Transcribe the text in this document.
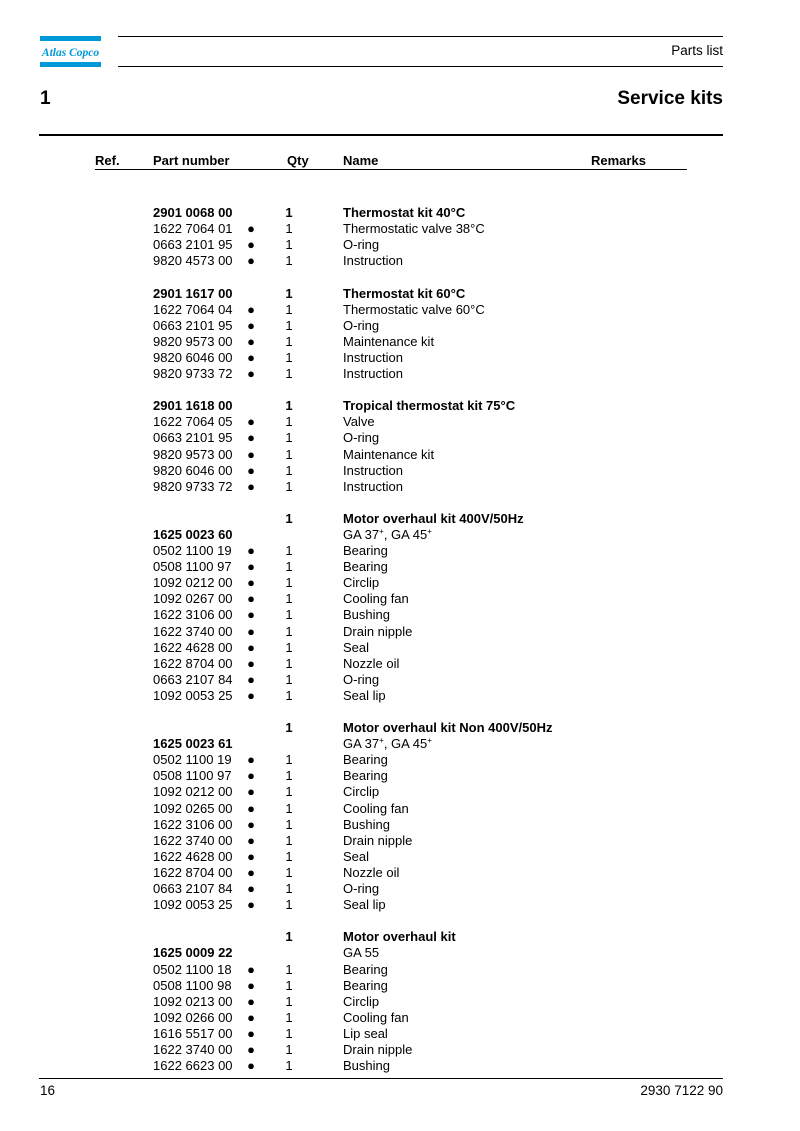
Atlas Copco	Parts list
1	Service kits
Ref.	Part number	Qty	Name	Remarks
2901 0068 00	1	Thermostat kit 40°C
1622 7064 01 ● 1	Thermostatic valve 38°C
0663 2101 95 ● 1	O-ring
9820 4573 00 ● 1	Instruction
2901 1617 00	1	Thermostat kit 60°C
1622 7064 04 ● 1	Thermostatic valve 60°C
0663 2101 95 ● 1	O-ring
9820 9573 00 ● 1	Maintenance kit
9820 6046 00 ● 1	Instruction
9820 9733 72 ● 1	Instruction
2901 1618 00	1	Tropical thermostat kit 75°C
1622 7064 05 ● 1	Valve
0663 2101 95 ● 1	O-ring
9820 9573 00 ● 1	Maintenance kit
9820 6046 00 ● 1	Instruction
9820 9733 72 ● 1	Instruction
1	Motor overhaul kit 400V/50Hz
1625 0023 60	GA 37+, GA 45+
0502 1100 19 ● 1	Bearing
0508 1100 97 ● 1	Bearing
1092 0212 00 ● 1	Circlip
1092 0267 00 ● 1	Cooling fan
1622 3106 00 ● 1	Bushing
1622 3740 00 ● 1	Drain nipple
1622 4628 00 ● 1	Seal
1622 8704 00 ● 1	Nozzle oil
0663 2107 84 ● 1	O-ring
1092 0053 25 ● 1	Seal lip
1	Motor overhaul kit Non 400V/50Hz
1625 0023 61	GA 37+, GA 45+
0502 1100 19 ● 1	Bearing
0508 1100 97 ● 1	Bearing
1092 0212 00 ● 1	Circlip
1092 0265 00 ● 1	Cooling fan
1622 3106 00 ● 1	Bushing
1622 3740 00 ● 1	Drain nipple
1622 4628 00 ● 1	Seal
1622 8704 00 ● 1	Nozzle oil
0663 2107 84 ● 1	O-ring
1092 0053 25 ● 1	Seal lip
1	Motor overhaul kit
1625 0009 22	GA 55
0502 1100 18 ● 1	Bearing
0508 1100 98 ● 1	Bearing
1092 0213 00 ● 1	Circlip
1092 0266 00 ● 1	Cooling fan
1616 5517 00 ● 1	Lip seal
1622 3740 00 ● 1	Drain nipple
1622 6623 00 ● 1	Bushing
16	2930 7122 90
